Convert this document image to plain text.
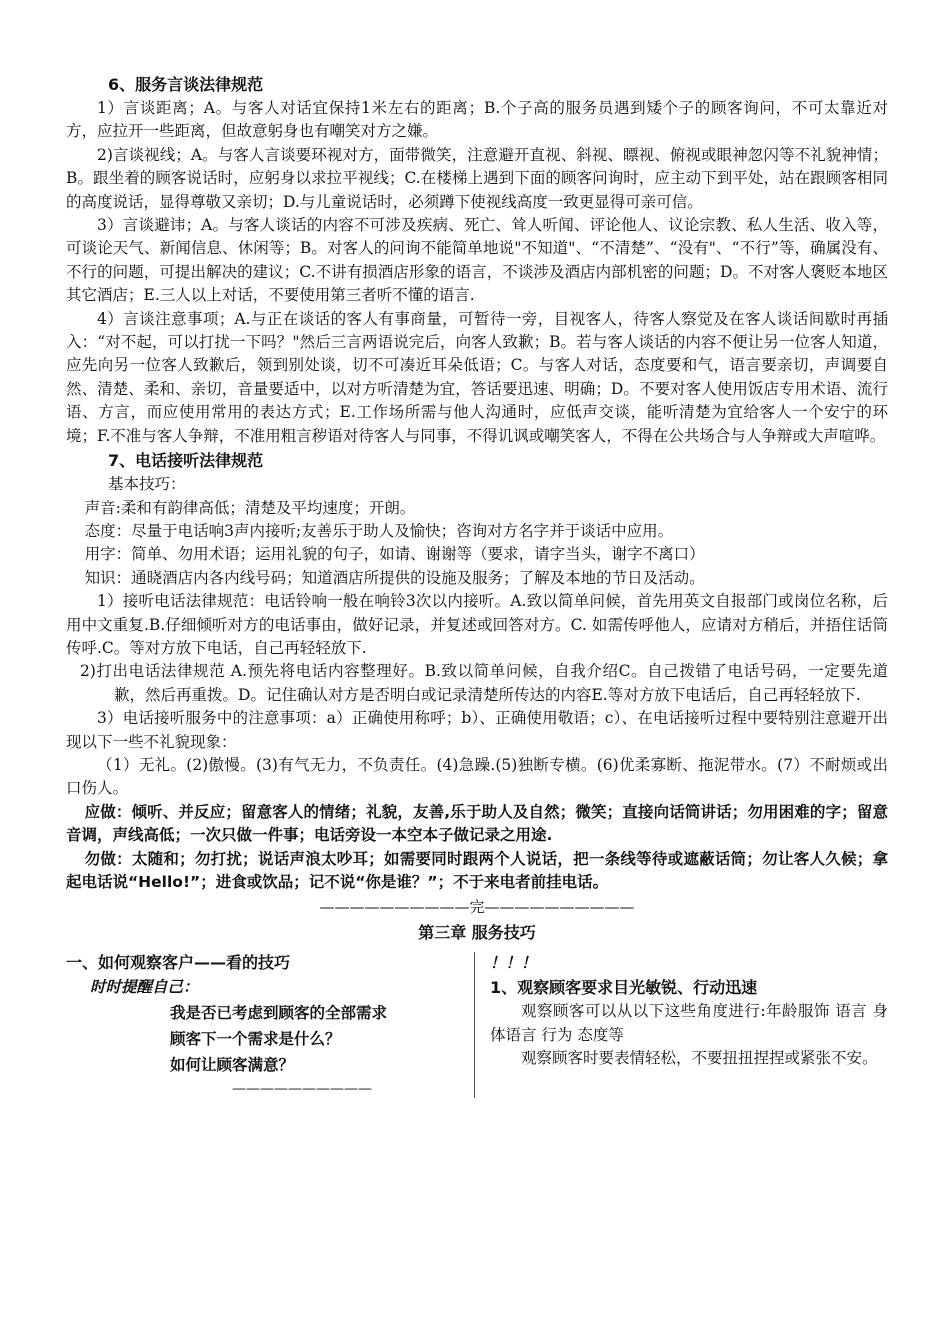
6、服务言谈法律规范

1）言谈距离；A。与客人对话宜保持1米左右的距离；B.个子高的服务员遇到矮个子的顾客询问，不可太靠近对方，应拉开一些距离，但故意躬身也有嘲笑对方之嫌。

2)言谈视线；A。与客人言谈要环视对方，面带微笑，注意避开直视、斜视、瞟视、俯视或眼神忽闪等不礼貌神情；B。跟坐着的顾客说话时，应躬身以求拉平视线；C.在楼梯上遇到下面的顾客问询时，应主动下到平处，站在跟顾客相同的高度说话，显得尊敬又亲切；D.与儿童说话时，必须蹲下使视线高度一致更显得可亲可信。

3）言谈避讳；A。与客人谈话的内容不可涉及疾病、死亡、耸人听闻、评论他人、议论宗教、私人生活、收入等，可谈论天气、新闻信息、休闲等；B。对客人的问询不能简单地说"不知道"、“不清楚”、“没有"、“不行”等，确属没有、不行的问题，可提出解决的建议；C.不讲有损酒店形象的语言，不谈涉及酒店内部机密的问题；D。不对客人褒贬本地区其它酒店；E.三人以上对话，不要使用第三者听不懂的语言.

4）言谈注意事项；A.与正在谈话的客人有事商量，可暂待一旁，目视客人，待客人察觉及在客人谈话间歇时再插入：“对不起，可以打扰一下吗？"然后三言两语说完后，向客人致歉；B。若与客人谈话的内容不便让另一位客人知道，应先向另一位客人致歉后，领到别处谈，切不可凑近耳朵低语；C。与客人对话，态度要和气，语言要亲切，声调要自然、清楚、柔和、亲切，音量要适中，以对方听清楚为宜，答话要迅速、明确；D。不要对客人使用饭店专用术语、流行语、方言，而应使用常用的表达方式；E.工作场所需与他人沟通时，应低声交谈，能听清楚为宜给客人一个安宁的环境；F.不准与客人争辩，不准用粗言秽语对待客人与同事，不得讥讽或嘲笑客人，不得在公共场合与人争辩或大声喧哗。

7、电话接听法律规范

基本技巧：

声音:柔和有韵律高低；清楚及平均速度；开朗。

态度：尽量于电话响3声内接听;友善乐于助人及愉快；咨询对方名字并于谈话中应用。

用字：简单、勿用术语；运用礼貌的句子，如请、谢谢等（要求，请字当头，谢字不离口）

知识：通晓酒店内各内线号码；知道酒店所提供的设施及服务；了解及本地的节日及活动。

1）接听电话法律规范：电话铃响一般在响铃3次以内接听。A.致以简单问候，首先用英文自报部门或岗位名称，后用中文重复.B.仔细倾听对方的电话事由，做好记录，并复述或回答对方。C. 如需传呼他人，应请对方稍后，并捂住话筒传呼.C。等对方放下电话，自己再轻轻放下.

2)打出电话法律规范 A.预先将电话内容整理好。B.致以简单问候，自我介绍C。自己拨错了电话号码，一定要先道歉，然后再重拨。D。记住确认对方是否明白或记录清楚所传达的内容E.等对方放下电话后，自己再轻轻放下.

3）电话接听服务中的注意事项：a）正确使用称呼；b）、正确使用敬语；c）、在电话接听过程中要特别注意避开出现以下一些不礼貌现象：

（1）无礼。(2)傲慢。(3)有气无力，不负责任。(4)急躁.(5)独断专横。(6)优柔寡断、拖泥带水。(7）不耐烦或出口伤人。

应做：倾听、并反应；留意客人的情绪；礼貌，友善,乐于助人及自然；微笑；直接向话筒讲话；勿用困难的字；留意音调，声线高低；一次只做一件事；电话旁设一本空本子做记录之用途.

勿做：太随和；勿打扰；说话声浪太吵耳；如需要同时跟两个人说话，把一条线等待或遮蔽话筒；勿让客人久候；拿起电话说“Hello!”；进食或饮品；记不说“你是谁？”；不于来电者前挂电话。

——————————完——————————

第三章 服务技巧

一、如何观察客户——看的技巧

时时提醒自己：

我是否已考虑到顾客的全部需求

顾客下一个需求是什么？

如何让顾客满意？

——————————

！！！

1、观察顾客要求目光敏锐、行动迅速

观察顾客可以从以下这些角度进行:年龄服饰 语言 身体语言 行为 态度等

观察顾客时要表情轻松，不要扭扭捏捏或紧张不安。
